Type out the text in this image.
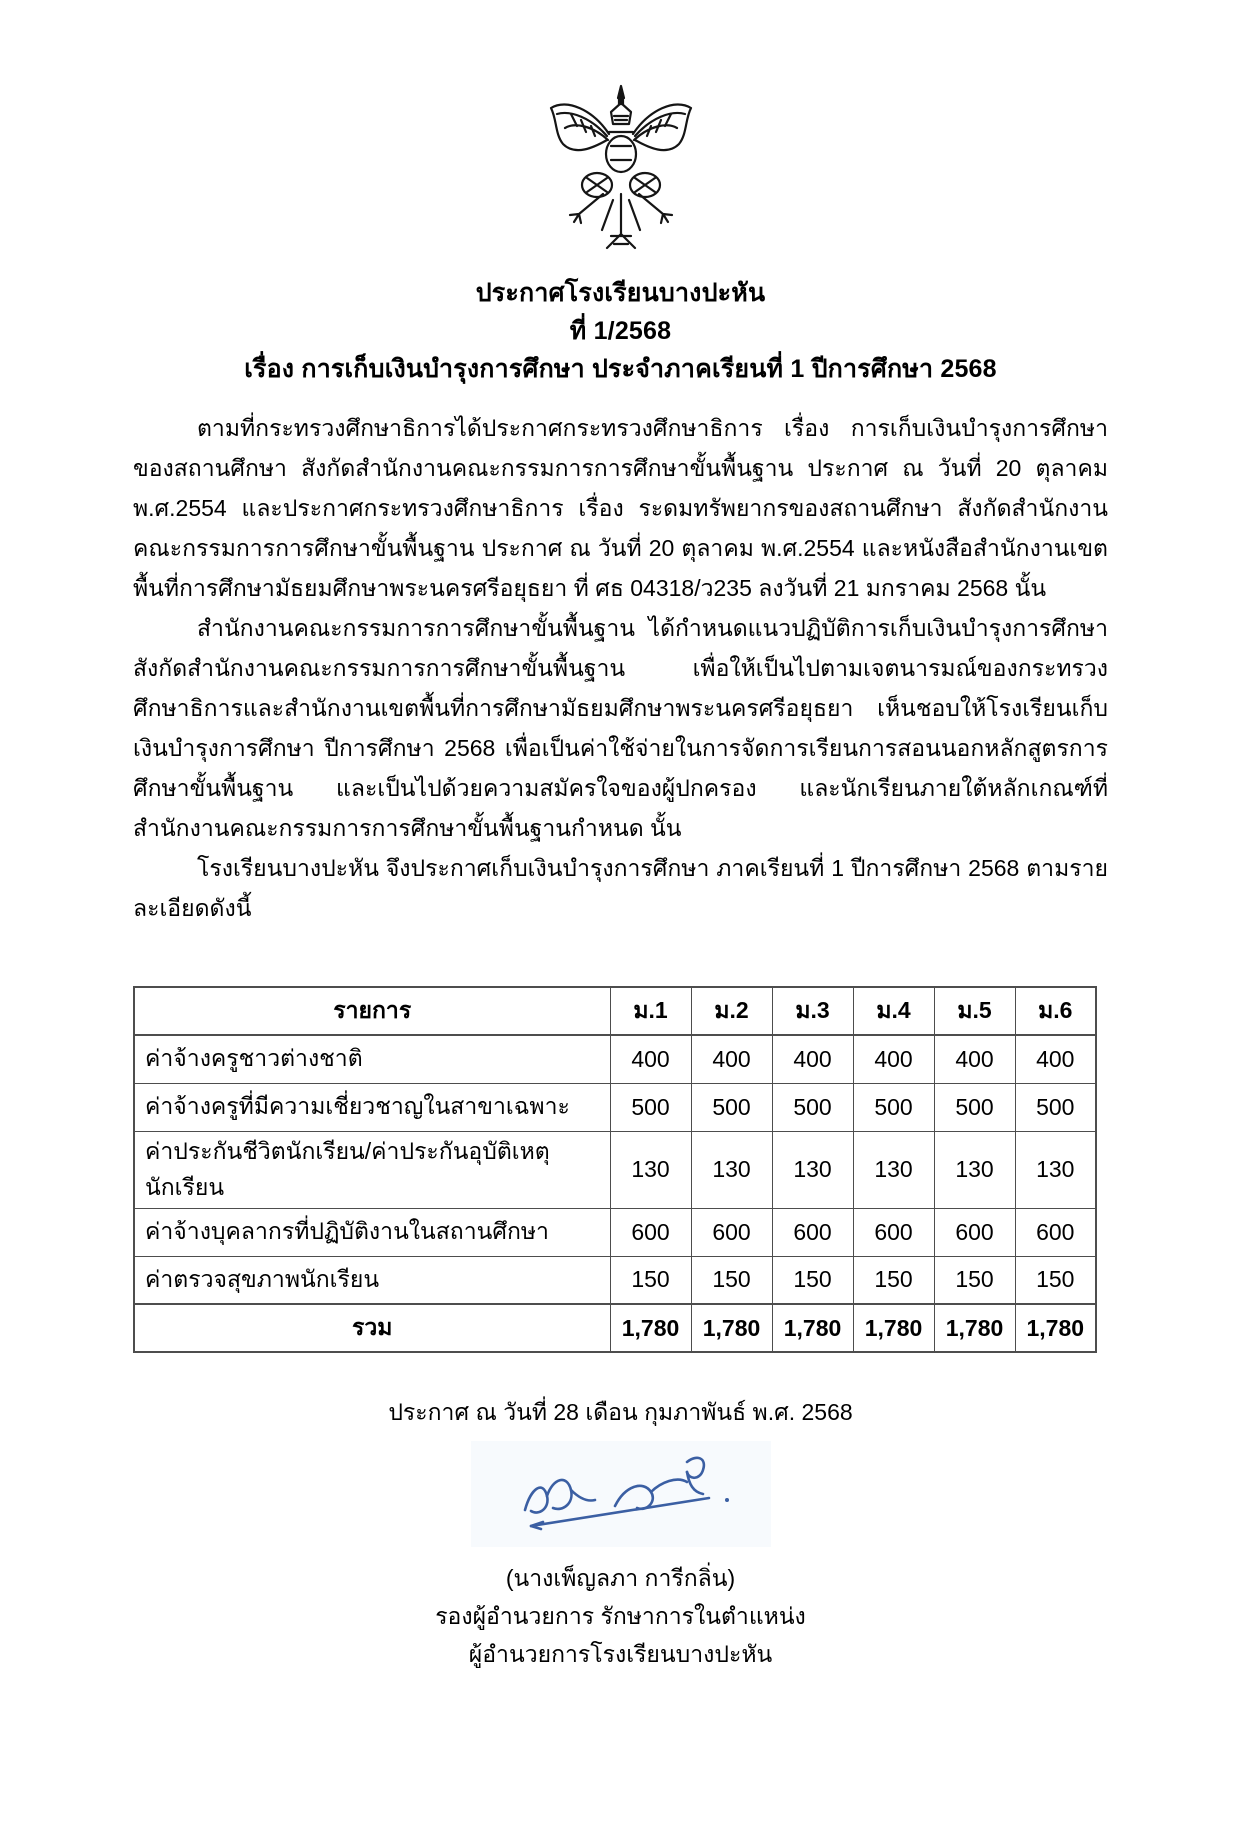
ประกาศโรงเรียนบางปะหัน
ที่ 1/2568
เรื่อง การเก็บเงินบำรุงการศึกษา ประจำภาคเรียนที่ 1 ปีการศึกษา 2568

ตามที่กระทรวงศึกษาธิการได้ประกาศกระทรวงศึกษาธิการ เรื่อง การเก็บเงินบำรุงการศึกษาของสถานศึกษา สังกัดสำนักงานคณะกรรมการการศึกษาขั้นพื้นฐาน ประกาศ ณ วันที่ 20 ตุลาคม พ.ศ.2554 และประกาศกระทรวงศึกษาธิการ เรื่อง ระดมทรัพยากรของสถานศึกษา สังกัดสำนักงานคณะกรรมการการศึกษาขั้นพื้นฐาน ประกาศ ณ วันที่ 20 ตุลาคม พ.ศ.2554 และหนังสือสำนักงานเขตพื้นที่การศึกษามัธยมศึกษาพระนครศรีอยุธยา ที่ ศธ 04318/ว235 ลงวันที่ 21 มกราคม 2568 นั้น

สำนักงานคณะกรรมการการศึกษาขั้นพื้นฐาน ได้กำหนดแนวปฏิบัติการเก็บเงินบำรุงการศึกษา สังกัดสำนักงานคณะกรรมการการศึกษาขั้นพื้นฐาน เพื่อให้เป็นไปตามเจตนารมณ์ของกระทรวงศึกษาธิการและสำนักงานเขตพื้นที่การศึกษามัธยมศึกษาพระนครศรีอยุธยา เห็นชอบให้โรงเรียนเก็บเงินบำรุงการศึกษา ปีการศึกษา 2568 เพื่อเป็นค่าใช้จ่ายในการจัดการเรียนการสอนนอกหลักสูตรการศึกษาขั้นพื้นฐาน และเป็นไปด้วยความสมัครใจของผู้ปกครอง และนักเรียนภายใต้หลักเกณฑ์ที่สำนักงานคณะกรรมการการศึกษาขั้นพื้นฐานกำหนด นั้น

โรงเรียนบางปะหัน จึงประกาศเก็บเงินบำรุงการศึกษา ภาคเรียนที่ 1 ปีการศึกษา 2568 ตามรายละเอียดดังนี้

รายการ	ม.1	ม.2	ม.3	ม.4	ม.5	ม.6
ค่าจ้างครูชาวต่างชาติ	400	400	400	400	400	400
ค่าจ้างครูที่มีความเชี่ยวชาญในสาขาเฉพาะ	500	500	500	500	500	500
ค่าประกันชีวิตนักเรียน/ค่าประกันอุบัติเหตุนักเรียน	130	130	130	130	130	130
ค่าจ้างบุคลากรที่ปฏิบัติงานในสถานศึกษา	600	600	600	600	600	600
ค่าตรวจสุขภาพนักเรียน	150	150	150	150	150	150
รวม	1,780	1,780	1,780	1,780	1,780	1,780
ประกาศ ณ วันที่ 28 เดือน กุมภาพันธ์ พ.ศ. 2568
(นางเพ็ญลภา การีกลิ่น)
รองผู้อำนวยการ รักษาการในตำแหน่ง
ผู้อำนวยการโรงเรียนบางปะหัน
